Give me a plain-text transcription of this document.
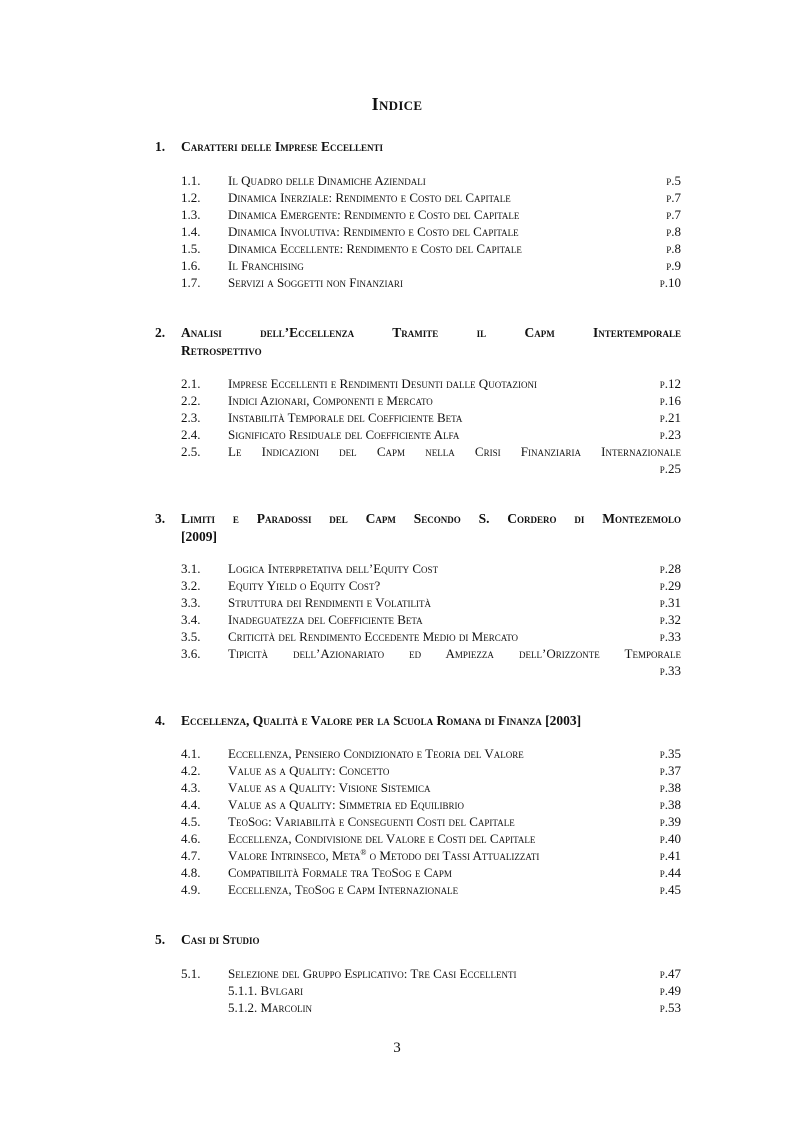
Indice
1. Caratteri delle Imprese Eccellenti
1.1. Il Quadro delle Dinamiche Aziendali	p.5
1.2. Dinamica Inerziale: Rendimento e Costo del Capitale	p.7
1.3. Dinamica Emergente: Rendimento e Costo del Capitale	p.7
1.4. Dinamica Involutiva: Rendimento e Costo del Capitale	p.8
1.5. Dinamica Eccellente: Rendimento e Costo del Capitale	p.8
1.6. Il Franchising	p.9
1.7. Servizi a Soggetti non Finanziari	p.10
2. Analisi dell’Eccellenza Tramite il Capm Intertemporale
Retrospettivo
2.1. Imprese Eccellenti e Rendimenti Desunti dalle Quotazioni	p.12
2.2. Indici Azionari, Componenti e Mercato	p.16
2.3. Instabilità Temporale del Coefficiente Beta	p.21
2.4. Significato Residuale del Coefficiente Alfa	p.23
2.5. Le Indicazioni del Capm nella Crisi Finanziaria Internazionale
p.25
3. Limiti e Paradossi del Capm Secondo S. Cordero di Montezemolo
[2009]
3.1. Logica Interpretativa dell’Equity Cost	p.28
3.2. Equity Yield o Equity Cost?	p.29
3.3. Struttura dei Rendimenti e Volatilità	p.31
3.4. Inadeguatezza del Coefficiente Beta	p.32
3.5. Criticità del Rendimento Eccedente Medio di Mercato	p.33
3.6. Tipicità dell’Azionariato ed Ampiezza dell’Orizzonte Temporale
p.33
4. Eccellenza, Qualità e Valore per la Scuola Romana di Finanza [2003]
4.1. Eccellenza, Pensiero Condizionato e Teoria del Valore	p.35
4.2. Value as a Quality: Concetto	p.37
4.3. Value as a Quality: Visione Sistemica	p.38
4.4. Value as a Quality: Simmetria ed Equilibrio	p.38
4.5. TeoSog: Variabilità e Conseguenti Costi del Capitale	p.39
4.6. Eccellenza, Condivisione del Valore e Costi del Capitale	p.40
4.7. Valore Intrinseco, Meta® o Metodo dei Tassi Attualizzati	p.41
4.8. Compatibilità Formale tra TeoSog e Capm	p.44
4.9. Eccellenza, TeoSog e Capm Internazionale	p.45
5. Casi di Studio
5.1. Selezione del Gruppo Esplicativo: Tre Casi Eccellenti	p.47
5.1.1. Bvlgari	p.49
5.1.2. Marcolin	p.53
3
